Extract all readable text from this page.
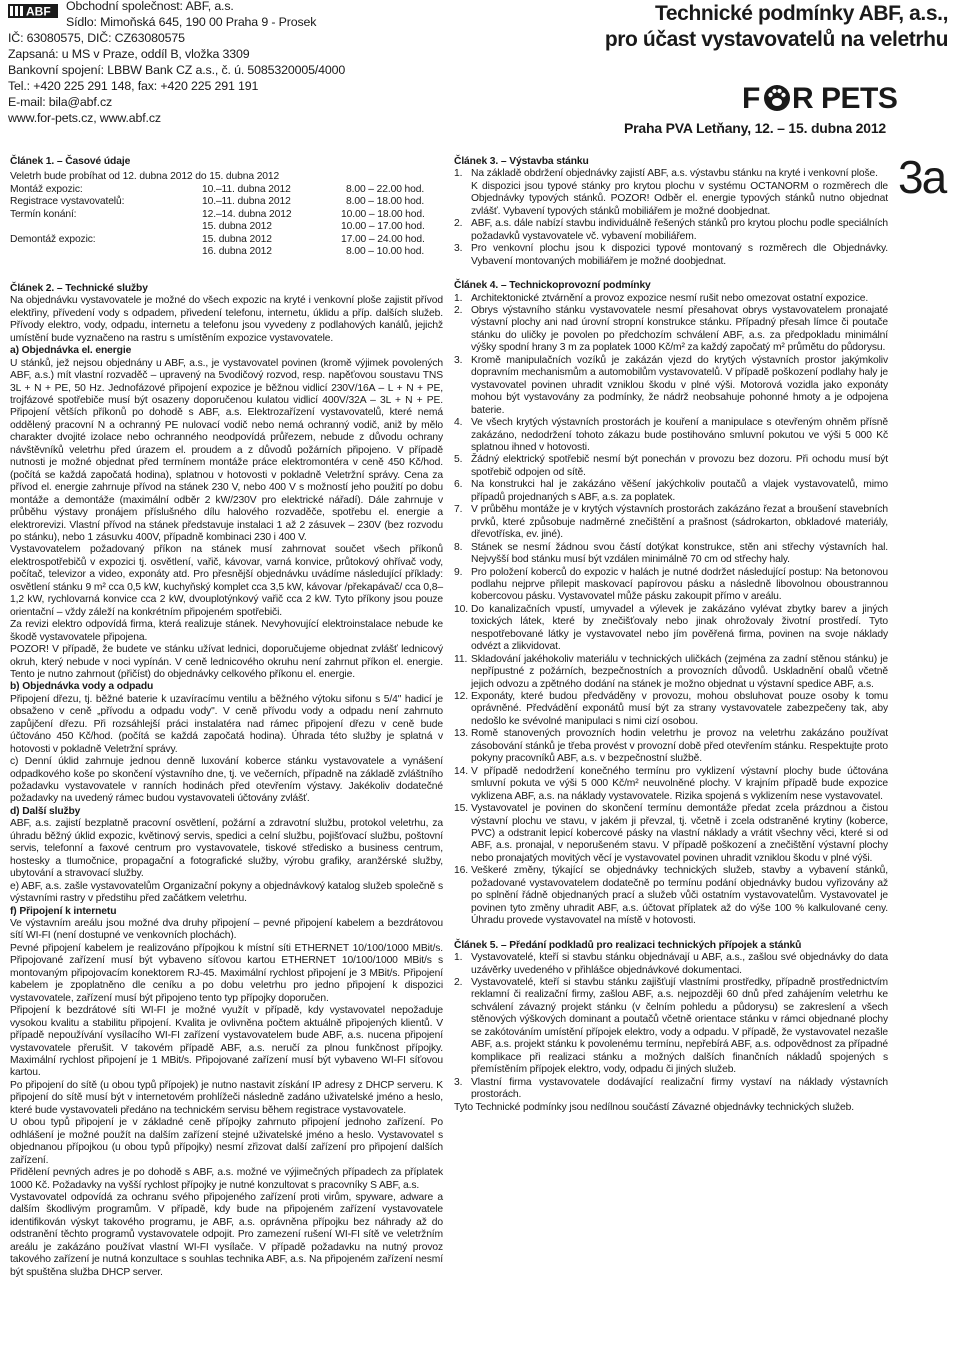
ABF Obchodní společnost: ABF, a.s.
Sídlo: Mimoňská 645, 190 00 Praha 9 - Prosek
IČ: 63080575, DIČ: CZ63080575
Zapsaná: u MS v Praze, oddíl B, vložka 3309
Bankovní spojení: LBBW Bank CZ a.s., č. ú. 5085320005/4000
Tel.: +420 225 291 148, fax: +420 225 291 191
E-mail: bila@abf.cz
www.for-pets.cz, www.abf.cz
Technické podmínky ABF, a.s.,
pro účast vystavovatelů na veletrhu
F R PETS
Praha PVA Letňany, 12. – 15. dubna 2012
3a
Článek 1. – Časové údaje
Veletrh bude probíhat od 12. dubna 2012 do 15. dubna 2012
Montáž expozic:	10.–11. dubna 2012	8.00 – 22.00 hod.
Registrace vystavovatelů:	10.–11. dubna 2012	8.00 – 18.00 hod.
Termín konání:	12.–14. dubna 2012	10.00 – 18.00 hod.
15. dubna 2012	10.00 – 17.00 hod.
Demontáž expozic:	15. dubna 2012	17.00 – 24.00 hod.
16. dubna 2012	8.00 – 10.00 hod.
Článek 2. – Technické služby

Na objednávku vystavovatele je možné do všech expozic na kryté i venkovní ploše zajistit přívod elektřiny, přívedení vody s odpadem, přivedení telefonu, internetu, úklidu a příp. dalších služeb. Přívody elektro, vody, odpadu, internetu a telefonu jsou vyvedeny z podlahových kanálů, jejichž umístění bude vyznačeno na rastru s umístěním expozice vystavovatele.

a) Objednávka el. energie

U stánků, jež nejsou objednány u ABF, a.s., je vystavovatel povinen (kromě výjimek povolených ABF, a.s.) mít vlastní rozvaděč – upravený na 5vodičový rozvod, resp. napěťovou soustavu TNS 3L + N + PE, 50 Hz. Jednofázové připojení expozice je běžnou vidlicí 230V/16A – L + N + PE, trojfázové spotřebiče musí být osazeny doporučenou kulatou vidlicí 400V/32A – 3L + N + PE. Připojení větších příkonů po dohodě s ABF, a.s. Elektrozařízení vystavovatelů, které nemá oddělený pracovní N a ochranný PE nulovací vodič nebo nemá ochranný vodič, aniž by mělo charakter dvojité izolace nebo ochranného neodpovídá průřezem, nebude z důvodu ochrany návštěvníků veletrhu před úrazem el. proudem a z důvodů požárních připojeno. V případě nutnosti je možné objednat před termínem montáže práce elektromontéra v ceně 450 Kč/hod. (počítá se každá započatá hodina), splatnou v hotovosti v pokladně Veletržní správy. Cena za přívod el. energie zahrnuje přívod na stánek 230 V, nebo 400 V s možností jeho použití po dobu montáže a demontáže (maximální odběr 2 kW/230V pro elektrické nářadí). Dále zahrnuje v průběhu výstavy pronájem příslušného dílu halového rozvaděče, spotřebu el. energie a elektrorevizi. Vlastní přívod na stánek představuje instalaci 1 až 2 zásuvek – 230V (bez rozvodu po stánku), nebo 1 zásuvku 400V, případně kombinaci 230 i 400 V.

Vystavovatelem požadovaný příkon na stánek musí zahrnovat součet všech příkonů elektrospotřebičů v expozici tj. osvětlení, vařič, kávovar, varná konvice, průtokový ohřívač vody, počítač, televizor a video, exponáty atd. Pro přesnější objednávku uvádíme následující příklady: osvětlení stánku 9 m² cca 0,5 kW, kuchyňský komplet cca 3,5 kW, kávovar /překapávač/ cca 0,8–1,2 kW, rychlovarná konvice cca 2 kW, dvouplotýnkový vařič cca 2 kW. Tyto příkony jsou pouze orientační – vždy záleží na konkrétním připojeném spotřebiči.

Za revizi elektro odpovídá firma, která realizuje stánek. Nevyhovující elektroinstalace nebude ke škodě vystavovatele připojena.

POZOR! V případě, že budete ve stánku užívat lednici, doporučujeme objednat zvlášť lednicový okruh, který nebude v noci vypínán. V ceně lednicového okruhu není zahrnut příkon el. energie. Tento je nutno zahrnout (přičíst) do objednávky celkového příkonu el. energie.

b) Objednávka vody a odpadu

Připojení dřezu, tj. běžné baterie k uzavíracímu ventilu a běžného výtoku sifonu s 5/4" hadicí je obsaženo v ceně „přívodu a odpadu vody". V ceně přívodu vody a odpadu není zahrnuto zapůjčení dřezu. Při rozsáhlejší práci instalatéra nad rámec připojení dřezu v ceně bude účtováno 450 Kč/hod. (počítá se každá započatá hodina). Úhrada této služby je splatná v hotovosti v pokladně Veletržní správy.

c) Denní úklid zahrnuje jednou denně luxování koberce stánku vystavovatele a vynášení odpadkového koše po skončení výstavního dne, tj. ve večerních, případně na základě zvláštního požadavku vystavovatele v ranních hodinách před otevřením výstavy. Jakékoliv dodatečné požadavky na uvedený rámec budou vystavovateli účtovány zvlášť.

d) Další služby

ABF, a.s. zajistí bezplatně pracovní osvětlení, požární a zdravotní službu, protokol veletrhu, za úhradu běžný úklid expozic, květinový servis, spedici a celní službu, pojišťovací službu, poštovní servis, telefonní a faxové centrum pro vystavovatele, tiskové středisko a business centrum, hostesky a tlumočnice, propagační a fotografické služby, výrobu grafiky, aranžérské služby, ubytování a stravovací služby.

e) ABF, a.s. zašle vystavovatelům Organizační pokyny a objednávkový katalog služeb společně s výstavními rastry v předstihu před začátkem veletrhu.

f) Připojení k internetu

Ve výstavním areálu jsou možné dva druhy připojení – pevné připojení kabelem a bezdrátovou sítí WI-FI (není dostupné ve venkovních plochách).

Pevné připojení kabelem je realizováno přípojkou k místní síti ETHERNET 10/100/1000 MBit/s. Připojované zařízení musí být vybaveno síťovou kartou ETHERNET 10/100/1000 MBit/s s montovaným připojovacím konektorem RJ-45. Maximální rychlost připojení je 3 MBit/s. Připojení kabelem je zpoplatněno dle ceníku a po dobu veletrhu pro jedno připojení k dispozici vystavovatele, zařízení musí být připojeno tento typ přípojky doporučen.

Připojení k bezdrátové síti WI-FI je možné využít v případě, kdy vystavovatel nepožaduje vysokou kvalitu a stabilitu připojení. Kvalita je ovlivněna počtem aktuálně připojených klientů. V případě nepoužívání vysílacího WI-FI zařízení vystavovatelem bude ABF, a.s. nucena připojení vystavovatele přerušit. V takovém případě ABF, a.s. neručí za plnou funkčnost přípojky. Maximální rychlost připojení je 1 MBit/s. Připojované zařízení musí být vybaveno WI-FI síťovou kartou.

Po připojení do sítě (u obou typů přípojek) je nutno nastavit získání IP adresy z DHCP serveru. K připojení do sítě musí být v internetovém prohlížeči následně zadáno uživatelské jméno a heslo, které bude vystavovateli předáno na technickém servisu během registrace vystavovatele.

U obou typů připojení je v základné ceně přípojky zahrnuto připojení jednoho zařízení. Po odhlášení je možné použít na dalším zařízení stejné uživatelské jméno a heslo. Vystavovatel s objednanou přípojkou (u obou typů přípojky) nesmí zřizovat další zařízení pro připojení dalších zařízení.

Přidělení pevných adres je po dohodě s ABF, a.s. možné ve výjimečných případech za příplatek 1000 Kč. Požadavky na vyšší rychlost přípojky je nutné konzultovat s pracovníky S ABF, a.s.

Vystavovatel odpovídá za ochranu svého připojeného zařízení proti virům, spyware, adware a dalším škodlivým programům. V případě, kdy bude na připojeném zařízení vystavovatele identifikován výskyt takového programu, je ABF, a.s. oprávněna přípojku bez náhrady až do odstranění těchto programů vystavovatele odpojit. Pro zamezení rušení WI-FI sítě ve veletržním areálu je zakázáno používat vlastní WI-FI vysílače. V případě požadavku na nutný provoz takového zařízení je nutná konzultace s souhlas technika ABF, a.s. Na připojeném zařízení nesmí být spuštěna služba DHCP server.

Článek 3. – Výstavba stánku

1. Na základě obdržení objednávky zajistí ABF, a.s. výstavbu stánku na kryté i venkovní ploše.

K dispozici jsou typové stánky pro krytou plochu v systému OCTANORM o rozměrech dle Objednávky typových stánků. POZOR! Odběr el. energie typových stánků nutno objednat zvlášť. Vybavení typových stánků mobiliářem je možné doobjednat.

2. ABF, a.s. dále nabízí stavbu individuálně řešených stánků pro krytou plochu podle speciálních požadavků vystavovatele vč. vybavení mobiliářem.

3. Pro venkovní plochu jsou k dispozici typové montovaný s rozměrech dle Objednávky. Vybavení montovaných mobiliářem je možné doobjednat.

Článek 4. – Technickoprovozní podmínky

1. Architektonické ztvárnění a provoz expozice nesmí rušit nebo omezovat ostatní expozice.

2. Obrys výstavního stánku vystavovatele nesmí přesahovat obrys vystavovatelem pronajaté výstavní plochy ani nad úrovní stropní konstrukce stánku. Případný přesah límce či poutače stánku do uličky je povolen po předchozím schválení ABF, a.s. za předpokladu minimální výšky spodní hrany 3 m za poplatek 1000 Kč/m² za každý započatý m² průmětu do půdorysu.

3. Kromě manipulačních vozíků je zakázán vjezd do krytých výstavních prostor jakýmkoliv dopravním mechanismům a automobilům vystavovatelů. V případě poškození podlahy haly je vystavovatel povinen uhradit vzniklou škodu v plné výši. Motorová vozidla jako exponáty mohou být vystavovány za podmínky, že nádrž neobsahuje pohonné hmoty a je odpojena baterie.

4. Ve všech krytých výstavních prostorách je kouření a manipulace s otevřeným ohněm přísně zakázáno, nedodržení tohoto zákazu bude postihováno smluvní pokutou ve výši 5 000 Kč splatnou ihned v hotovosti.

5. Žádný elektrický spotřebič nesmí být ponechán v provozu bez dozoru. Při ochodu musí být spotřebič odpojen od sítě.

6. Na konstrukci hal je zakázáno věšení jakýchkoliv poutačů a vlajek vystavovatelů, mimo případů projednaných s ABF, a.s. za poplatek.

7. V průběhu montáže je v krytých výstavních prostorách zakázáno řezat a broušení stavebních prvků, které způsobuje nadměrné znečištění a prašnost (sádrokarton, obkladové materiály, dřevotříska, ev. jiné).

8. Stánek se nesmí žádnou svou částí dotýkat konstrukce, stěn ani střechy výstavních hal. Nejvyšší bod stánku musí být vzdálen minimálně 70 cm od střechy haly.

9. Pro položení koberců do expozic v halách je nutné dodržet následující postup: Na betonovou podlahu nejprve přilepit maskovací papírovou pásku a následně libovolnou oboustrannou kobercovou pásku. Vystavovatel může pásku zakoupit přímo v areálu.

10. Do kanalizačních vpustí, umyvadel a výlevek je zakázáno vylévat zbytky barev a jiných toxických látek, které by znečišťovaly nebo jinak ohrožovaly životní prostředí. Tyto nespotřebované látky je vystavovatel nebo jím pověřená firma, povinen na svoje náklady odvézt a zlikvidovat.

11. Skladování jakéhokoliv materiálu v technických uličkách (zejména za zadní stěnou stánku) je nepřípustné z požárních, bezpečnostních a provozních důvodů. Uskladnění obalů včetně jejich odvozu a zpětného dodání na stánek je možno objednat u výstavní spedice ABF, a.s.

12. Exponáty, které budou předváděny v provozu, mohou obsluhovat pouze osoby k tomu oprávněné. Předvádění exponátů musí být za strany vystavovatele zabezpečeny tak, aby nedošlo ke svévolné manipulaci s nimi cizí osobou.

13. Romě stanovených provozních hodin veletrhu je provoz na veletrhu zakázáno používat zásobování stánků je třeba provést v provozní době před otevřením stánku. Respektujte proto pokyny pracovníků ABF, a.s. v bezpečnostní službě.

14. V případě nedodržení konečného termínu pro vyklizení výstavní plochy bude účtována smluvní pokuta ve výši 5 000 Kč/m² neuvolněné plochy. V krajním případě bude expozice vyklizena ABF, a.s. na náklady vystavovatele. Rizika spojená s vyklizením nese vystavovatel.

15. Vystavovatel je povinen do skončení termínu demontáže předat zcela prázdnou a čistou výstavní plochu ve stavu, v jakém ji převzal, tj. včetně i zcela odstraněné krytiny (koberce, PVC) a odstranit lepicí kobercové pásky na vlastní náklady a vrátit všechny věci, které si od ABF, a.s. pronajal, v neporušeném stavu. V případě poškození a znečištění výstavní plochy nebo pronajatých movitých věcí je vystavovatel povinen uhradit vzniklou škodu v plné výši.

16. Veškeré změny, týkající se objednávky technických služeb, stavby a vybavení stánků, požadované vystavovatelem dodatečně po termínu podání objednávky budou vyřizovány až po splnění řádně objednaných prací a služeb vůči ostatním vystavovatelům. Vystavovatel je povinen tyto změny uhradit ABF, a.s. účtovat příplatek až do výše 100 % kalkulované ceny. Úhradu provede vystavovatel na místě v hotovosti.

Článek 5. – Předání podkladů pro realizaci technických přípojek a stánků

1. Vystavovatelé, kteří si stavbu stánku objednávají u ABF, a.s., zašlou své objednávky do data uzávěrky uvedeného v přihlášce objednávkové dokumentaci.

2. Vystavovatelé, kteří si stavbu stánku zajišťují vlastními prostředky, případně prostřednictvím reklamní či realizační firmy, zašlou ABF, a.s. nejpozději 60 dnů před zahájením veletrhu ke schválení závazný projekt stánku (v čelním pohledu a půdorysu) se zakreslení a všech stěnových výškových dominant a poutačů včetně orientace stánku v rámci objednané plochy se zakótováním umístění přípojek elektro, vody a odpadu. V případě, že vystavovatel nezašle ABF, a.s. projekt stánku k povolenému termínu, nepřebírá ABF, a.s. odpovědnost za případné komplikace při realizaci stánku a možných dalších finančních nákladů spojených s přemístěním přípojek elektro, vody, odpadu či jiných služeb.

3. Vlastní firma vystavovatele dodávající realizační firmy vystaví na náklady výstavních prostorách.

Tyto Technické podmínky jsou nedílnou součástí Závazné objednávky technických služeb.
